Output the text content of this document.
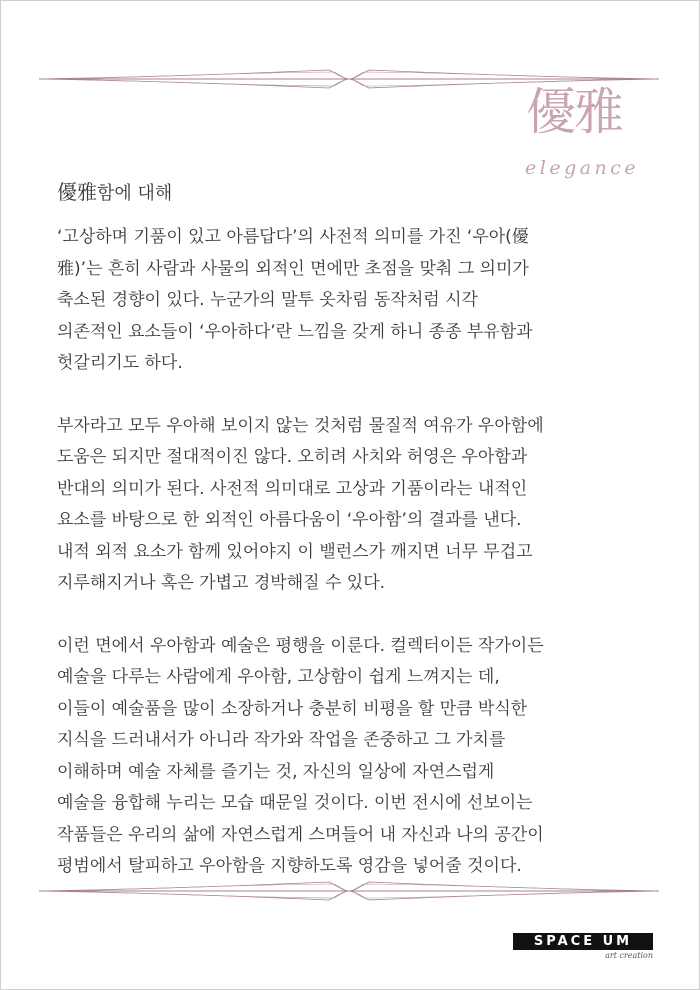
優雅
elegance
優雅함에 대해

‘고상하며 기품이 있고 아름답다’의 사전적 의미를 가진 ‘우아(優
雅)’는 흔히 사람과 사물의 외적인 면에만 초점을 맞춰 그 의미가
축소된 경향이 있다. 누군가의 말투 옷차림 동작처럼 시각
의존적인 요소들이 ‘우아하다’란 느낌을 갖게 하니 종종 부유함과
헛갈리기도 하다.

부자라고 모두 우아해 보이지 않는 것처럼 물질적 여유가 우아함에
도움은 되지만 절대적이진 않다. 오히려 사치와 허영은 우아함과
반대의 의미가 된다. 사전적 의미대로 고상과 기품이라는 내적인
요소를 바탕으로 한 외적인 아름다움이 ‘우아함’의 결과를 낸다.
내적 외적 요소가 함께 있어야지 이 밸런스가 깨지면 너무 무겁고
지루해지거나 혹은 가볍고 경박해질 수 있다.

이런 면에서 우아함과 예술은 평행을 이룬다. 컬렉터이든 작가이든
예술을 다루는 사람에게 우아함, 고상함이 쉽게 느껴지는 데,
이들이 예술품을 많이 소장하거나 충분히 비평을 할 만큼 박식한
지식을 드러내서가 아니라 작가와 작업을 존중하고 그 가치를
이해하며 예술 자체를 즐기는 것, 자신의 일상에 자연스럽게
예술을 융합해 누리는 모습 때문일 것이다. 이번 전시에 선보이는
작품들은 우리의 삶에 자연스럽게 스며들어 내 자신과 나의 공간이
평범에서 탈피하고 우아함을 지향하도록 영감을 넣어줄 것이다.

SPACE UM
art creation
